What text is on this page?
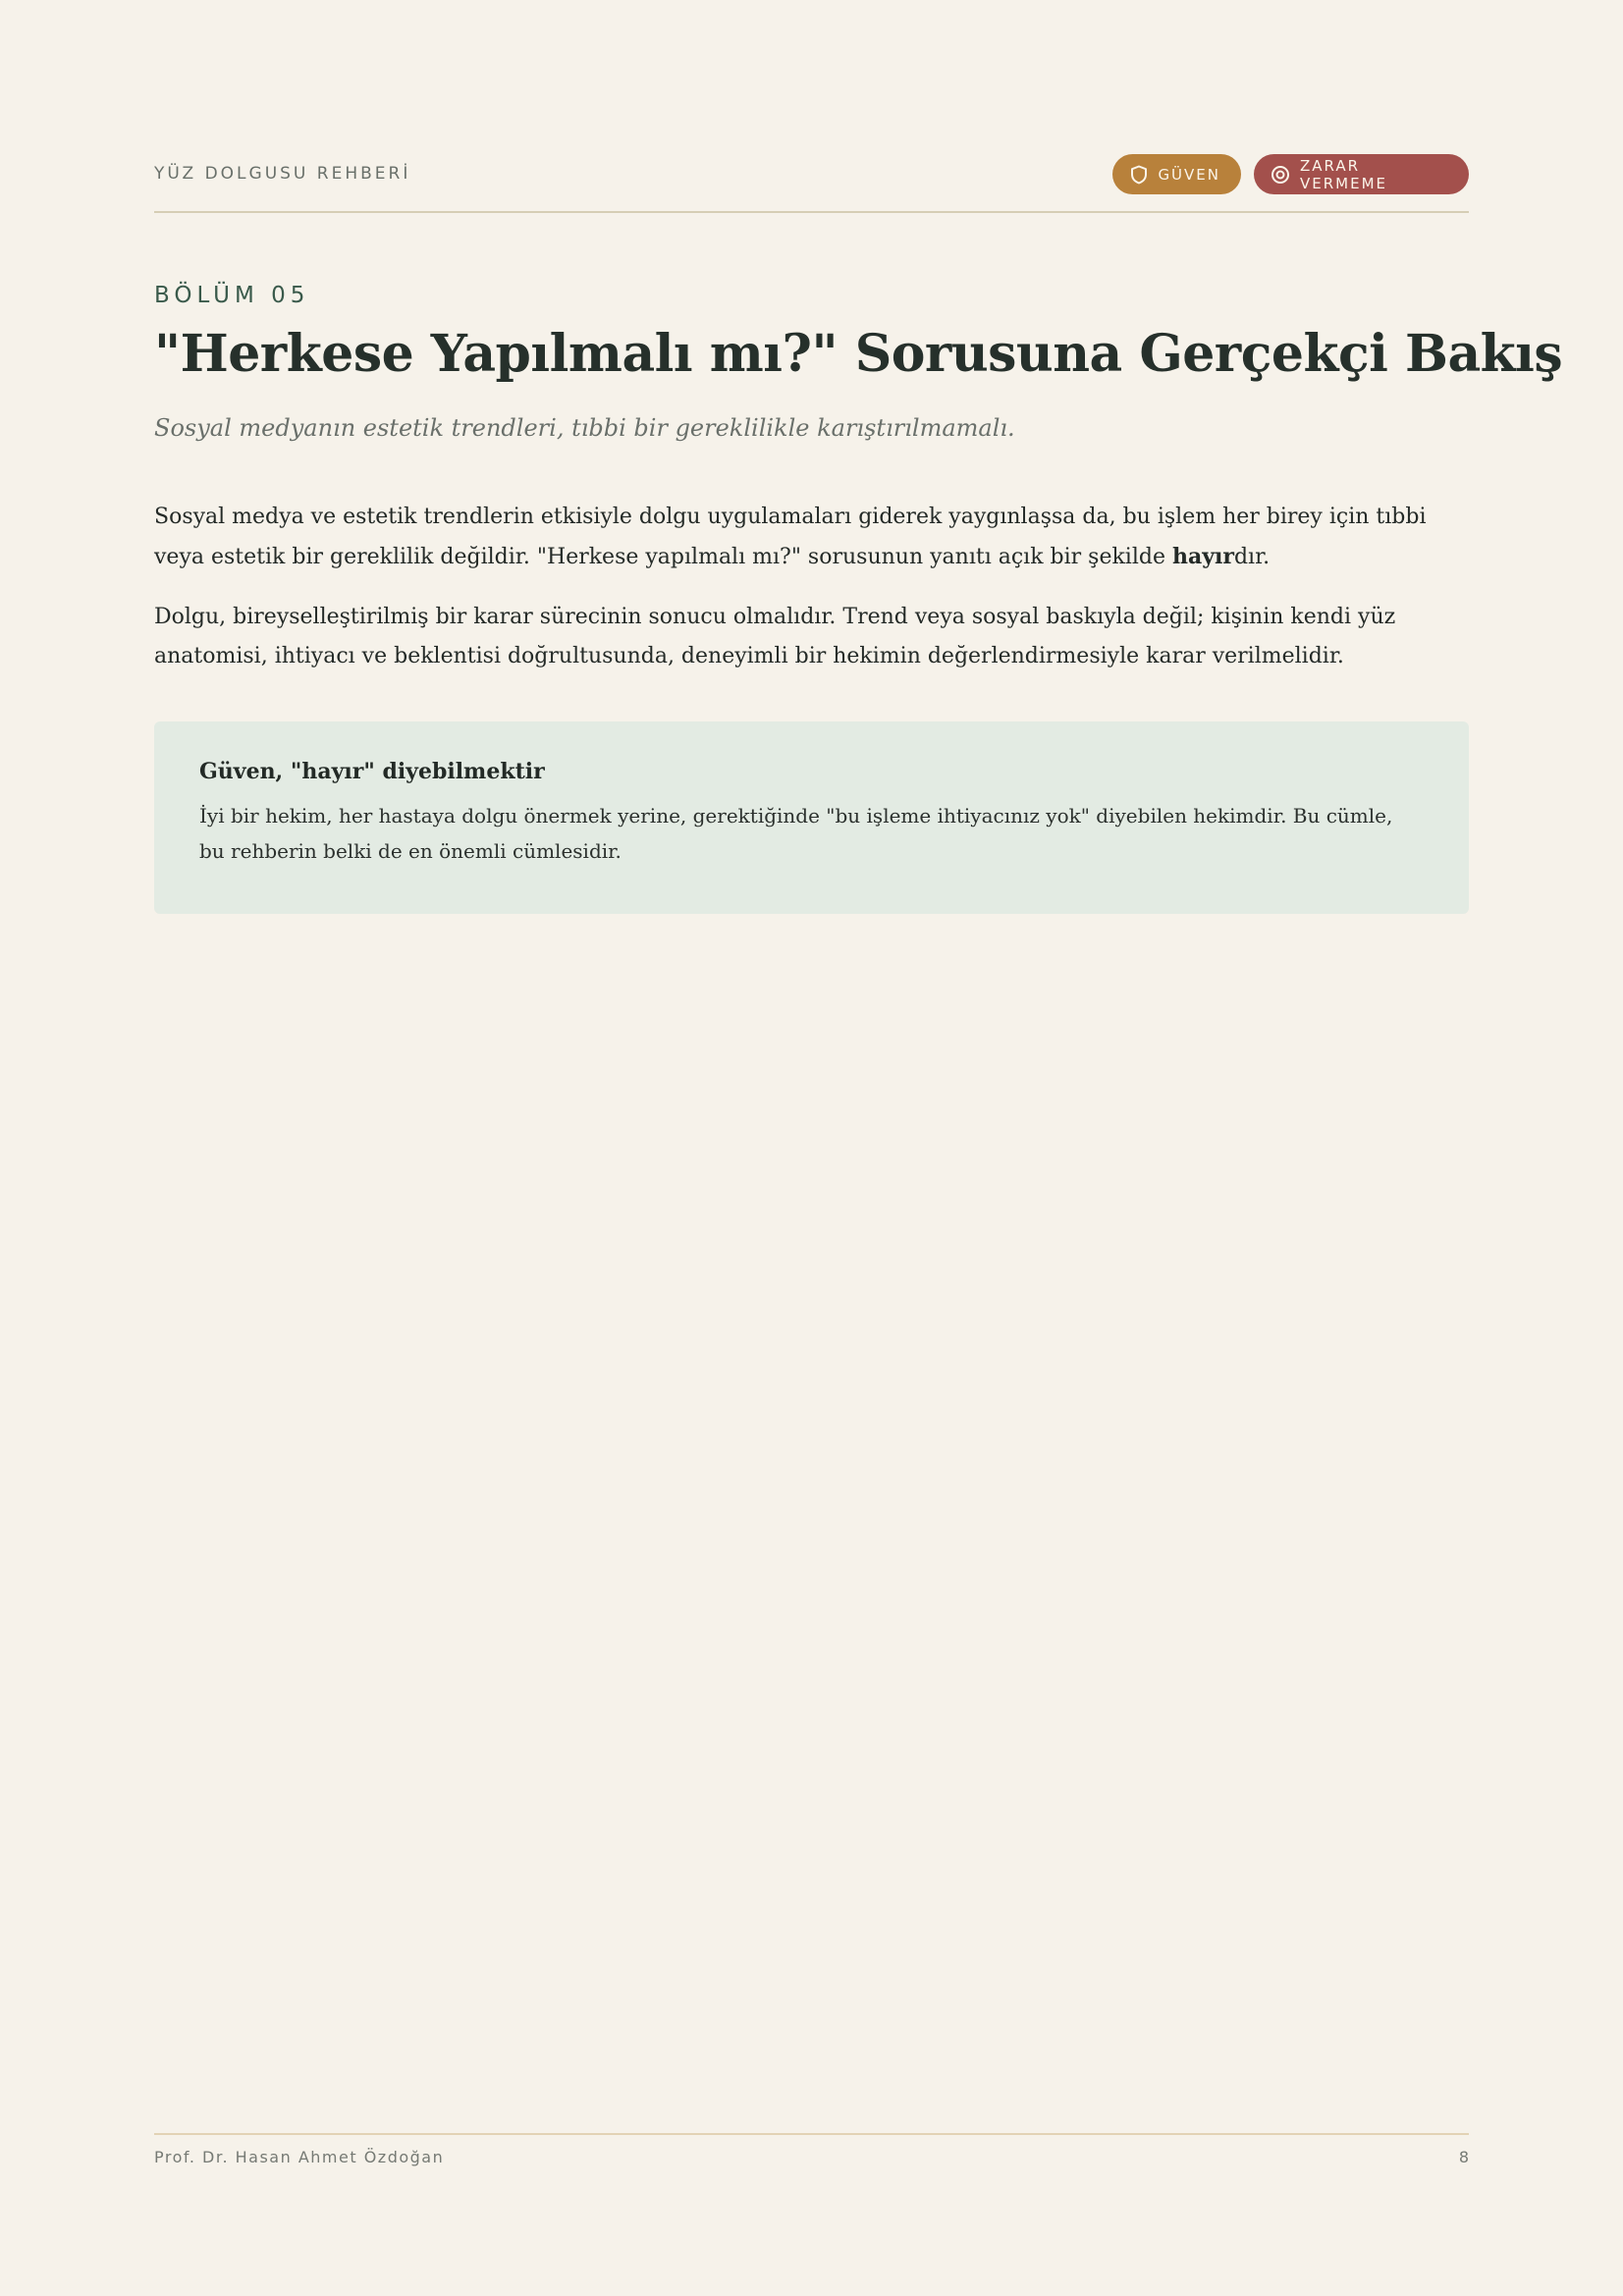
YÜZ DOLGUSU REHBERİ	GÜVEN	ZARAR VERMEME
BÖLÜM 05
"Herkese Yapılmalı mı?" Sorusuna Gerçekçi Bakış
Sosyal medyanın estetik trendleri, tıbbi bir gereklilikle karıştırılmamalı.

Sosyal medya ve estetik trendlerin etkisiyle dolgu uygulamaları giderek yaygınlaşsa da, bu işlem her birey için tıbbi veya estetik bir gereklilik değildir. "Herkese yapılmalı mı?" sorusunun yanıtı açık bir şekilde hayırdır.

Dolgu, bireyselleştirilmiş bir karar sürecinin sonucu olmalıdır. Trend veya sosyal baskıyla değil; kişinin kendi yüz anatomisi, ihtiyacı ve beklentisi doğrultusunda, deneyimli bir hekimin değerlendirmesiyle karar verilmelidir.

Güven, "hayır" diyebilmektir
İyi bir hekim, her hastaya dolgu önermek yerine, gerektiğinde "bu işleme ihtiyacınız yok" diyebilen hekimdir. Bu cümle, bu rehberin belki de en önemli cümlesidir.
Prof. Dr. Hasan Ahmet Özdoğan	8
